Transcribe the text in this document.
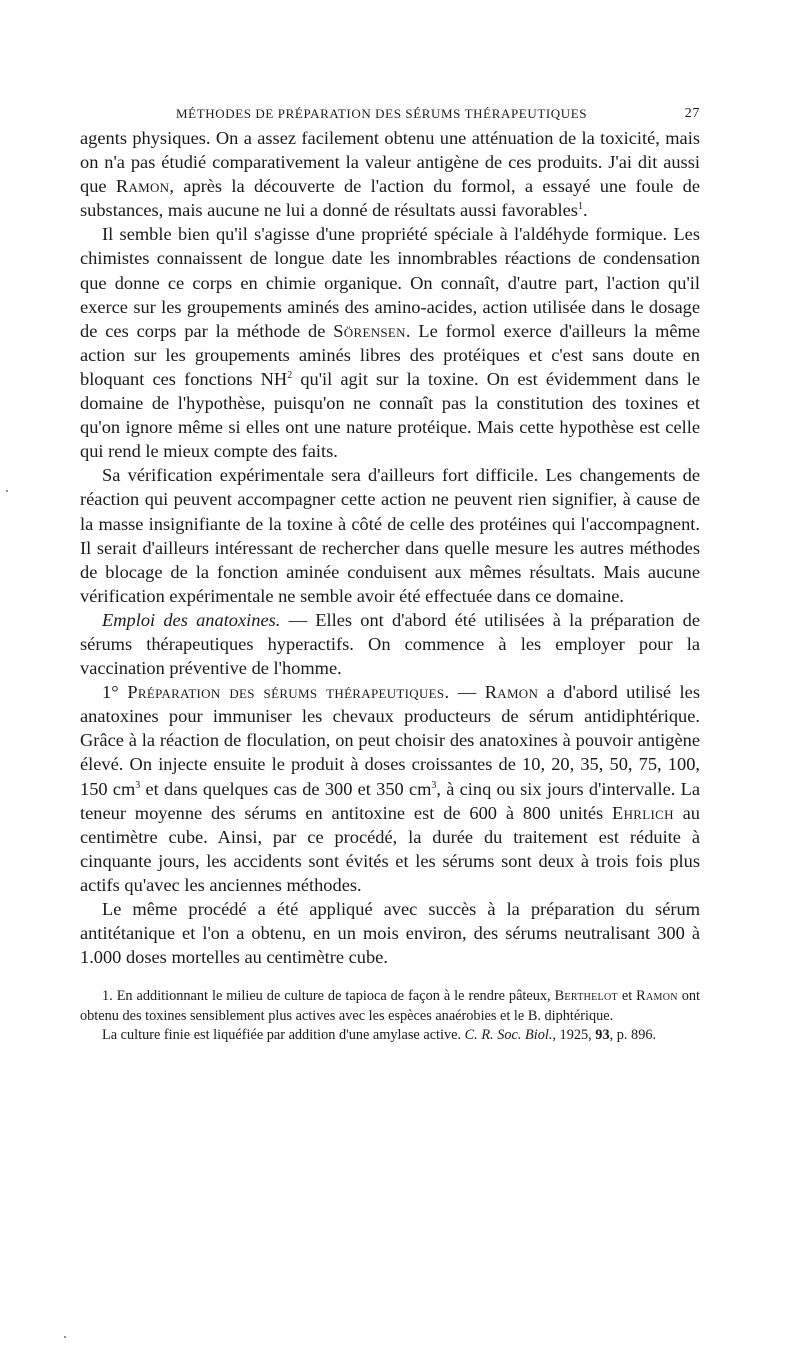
MÉTHODES DE PRÉPARATION DES SÉRUMS THÉRAPEUTIQUES	27

agents physiques. On a assez facilement obtenu une atténuation de la toxicité, mais on n'a pas étudié comparativement la valeur antigène de ces produits. J'ai dit aussi que Ramon, après la découverte de l'action du formol, a essayé une foule de substances, mais aucune ne lui a donné de résultats aussi favorables$^1$.

Il semble bien qu'il s'agisse d'une propriété spéciale à l'aldéhyde formique. Les chimistes connaissent de longue date les innombrables réactions de condensation que donne ce corps en chimie organique. On connaît, d'autre part, l'action qu'il exerce sur les groupements aminés des amino-acides, action utilisée dans le dosage de ces corps par la méthode de Sörensen. Le formol exerce d'ailleurs la même action sur les groupements aminés libres des protéiques et c'est sans doute en bloquant ces fonctions $NH^2$ qu'il agit sur la toxine. On est évidemment dans le domaine de l'hypothèse, puisqu'on ne connaît pas la constitution des toxines et qu'on ignore même si elles ont une nature protéique. Mais cette hypothèse est celle qui rend le mieux compte des faits.

Sa vérification expérimentale sera d'ailleurs fort difficile. Les changements de réaction qui peuvent accompagner cette action ne peuvent rien signifier, à cause de la masse insignifiante de la toxine à côté de celle des protéines qui l'accompagnent. Il serait d'ailleurs intéressant de rechercher dans quelle mesure les autres méthodes de blocage de la fonction aminée conduisent aux mêmes résultats. Mais aucune vérification expérimentale ne semble avoir été effectuée dans ce domaine.

Emploi des anatoxines. — Elles ont d'abord été utilisées à la préparation de sérums thérapeutiques hyperactifs. On commence à les employer pour la vaccination préventive de l'homme.

1° Préparation des sérums thérapeutiques. — Ramon a d'abord utilisé les anatoxines pour immuniser les chevaux producteurs de sérum antidiphtérique. Grâce à la réaction de floculation, on peut choisir des anatoxines à pouvoir antigène élevé. On injecte ensuite le produit à doses croissantes de 10, 20, 35, 50, 75, 100, 150 $cm^3$ et dans quelques cas de 300 et 350 $cm^3$, à cinq ou six jours d'intervalle. La teneur moyenne des sérums en antitoxine est de 600 à 800 unités Ehrlich au centimètre cube. Ainsi, par ce procédé, la durée du traitement est réduite à cinquante jours, les accidents sont évités et les sérums sont deux à trois fois plus actifs qu'avec les anciennes méthodes.

Le même procédé a été appliqué avec succès à la préparation du sérum antitétanique et l'on a obtenu, en un mois environ, des sérums neutralisant 300 à 1.000 doses mortelles au centimètre cube.

1. En additionnant le milieu de culture de tapioca de façon à le rendre pâteux, Berthelot et Ramon ont obtenu des toxines sensiblement plus actives avec les espèces anaérobies et le B. diphtérique.

La culture finie est liquéfiée par addition d'une amylase active. C. R. Soc. Biol., 1925, 93, p. 896.
